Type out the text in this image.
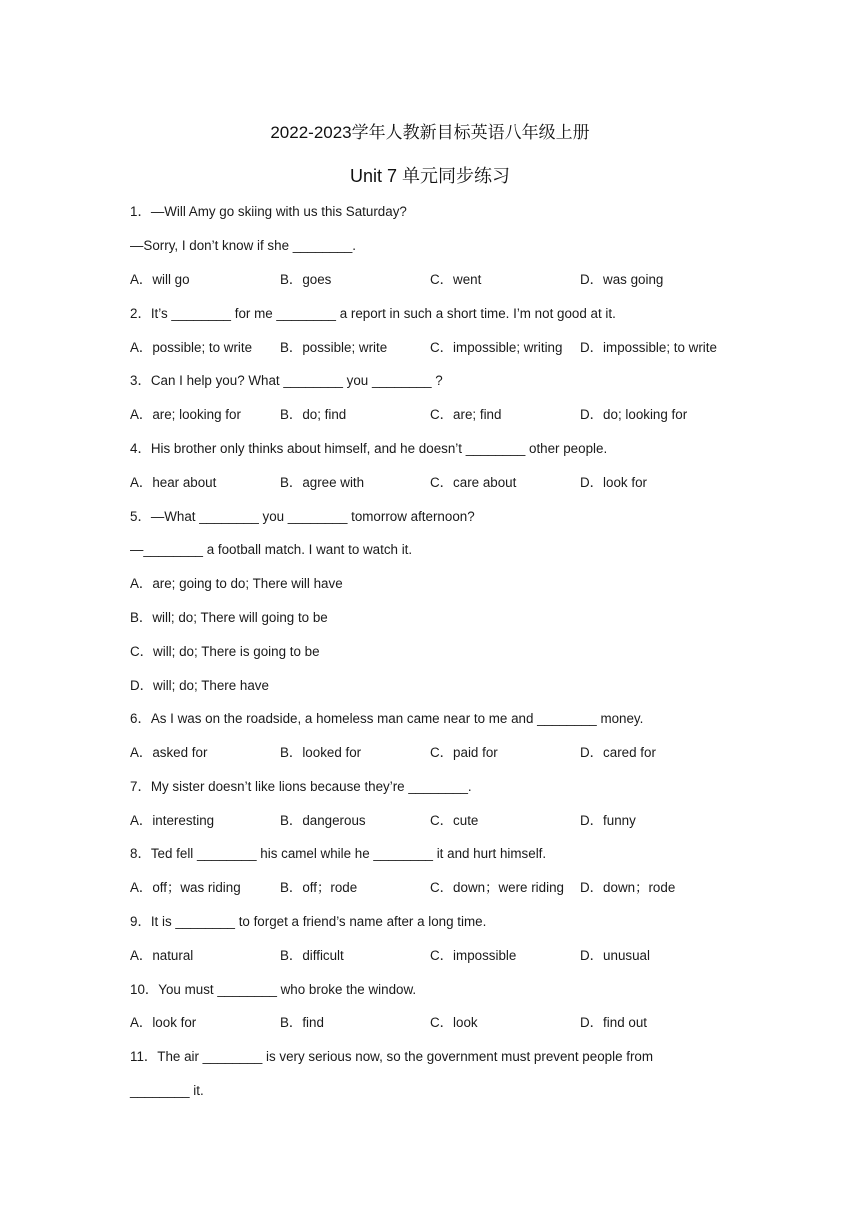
2022-2023学年人教新目标英语八年级上册
Unit 7 单元同步练习
1．—Will Amy go skiing with us this Saturday?
—Sorry, I don’t know if she ________.
A．will go	B．goes	C．went	D．was going
2．It’s ________ for me ________ a report in such a short time. I’m not good at it.
A．possible; to write B．possible; write	C．impossible; writing D．impossible; to write
3．Can I help you? What ________ you ________ ?
A．are; looking for	B．do; find	C．are; find	D．do; looking for
4．His brother only thinks about himself, and he doesn’t ________ other people.
A．hear about	B．agree with	C．care about	D．look for
5．—What ________ you ________ tomorrow afternoon?
—________ a football match. I want to watch it.
A．are; going to do; There will have
B．will; do; There will going to be
C．will; do; There is going to be
D．will; do; There have
6．As I was on the roadside, a homeless man came near to me and ________ money.
A．asked for	B．looked for	C．paid for	D．cared for
7．My sister doesn’t like lions because they’re ________.
A．interesting	B．dangerous	C．cute	D．funny
8．Ted fell ________ his camel while he ________ it and hurt himself.
A．off；was riding	B．off；rode	C．down；were riding D．down；rode
9．It is ________ to forget a friend’s name after a long time.
A．natural	B．difficult	C．impossible	D．unusual
10．You must ________ who broke the window.
A．look for	B．find	C．look	D．find out
11．The air ________ is very serious now, so the government must prevent people from
________ it.
